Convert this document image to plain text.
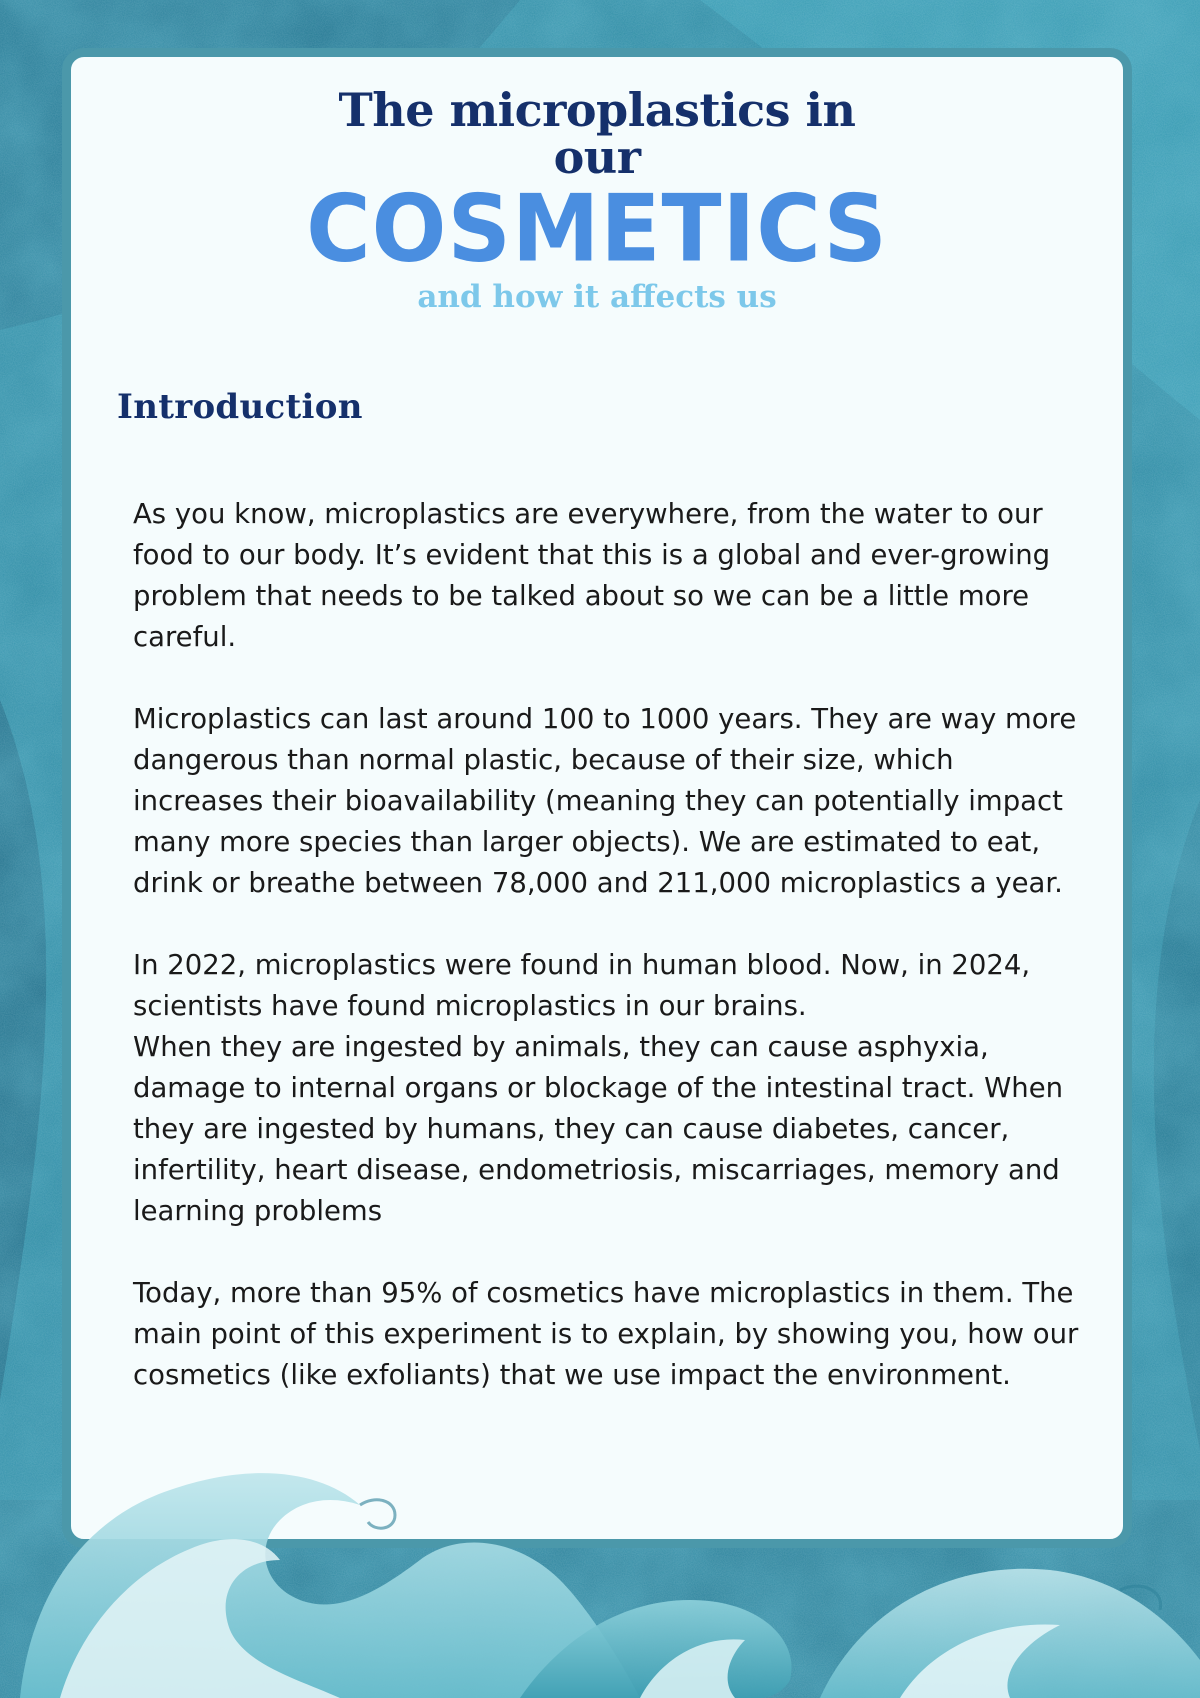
The microplastics in
our
COSMETICS
and how it affects us
Introduction

As you know, microplastics are everywhere, from the water to our food to our body. It’s evident that this is a global and ever-growing problem that needs to be talked about so we can be a little more careful.

Microplastics can last around 100 to 1000 years. They are way more dangerous than normal plastic, because of their size, which increases their bioavailability (meaning they can potentially impact many more species than larger objects). We are estimated to eat, drink or breathe between 78,000 and 211,000 microplastics a year.

In 2022, microplastics were found in human blood. Now, in 2024, scientists have found microplastics in our brains.

When they are ingested by animals, they can cause asphyxia, damage to internal organs or blockage of the intestinal tract. When they are ingested by humans, they can cause diabetes, cancer, infertility, heart disease, endometriosis, miscarriages, memory and learning problems

Today, more than 95% of cosmetics have microplastics in them. The main point of this experiment is to explain, by showing you, how our cosmetics (like exfoliants) that we use impact the environment.
